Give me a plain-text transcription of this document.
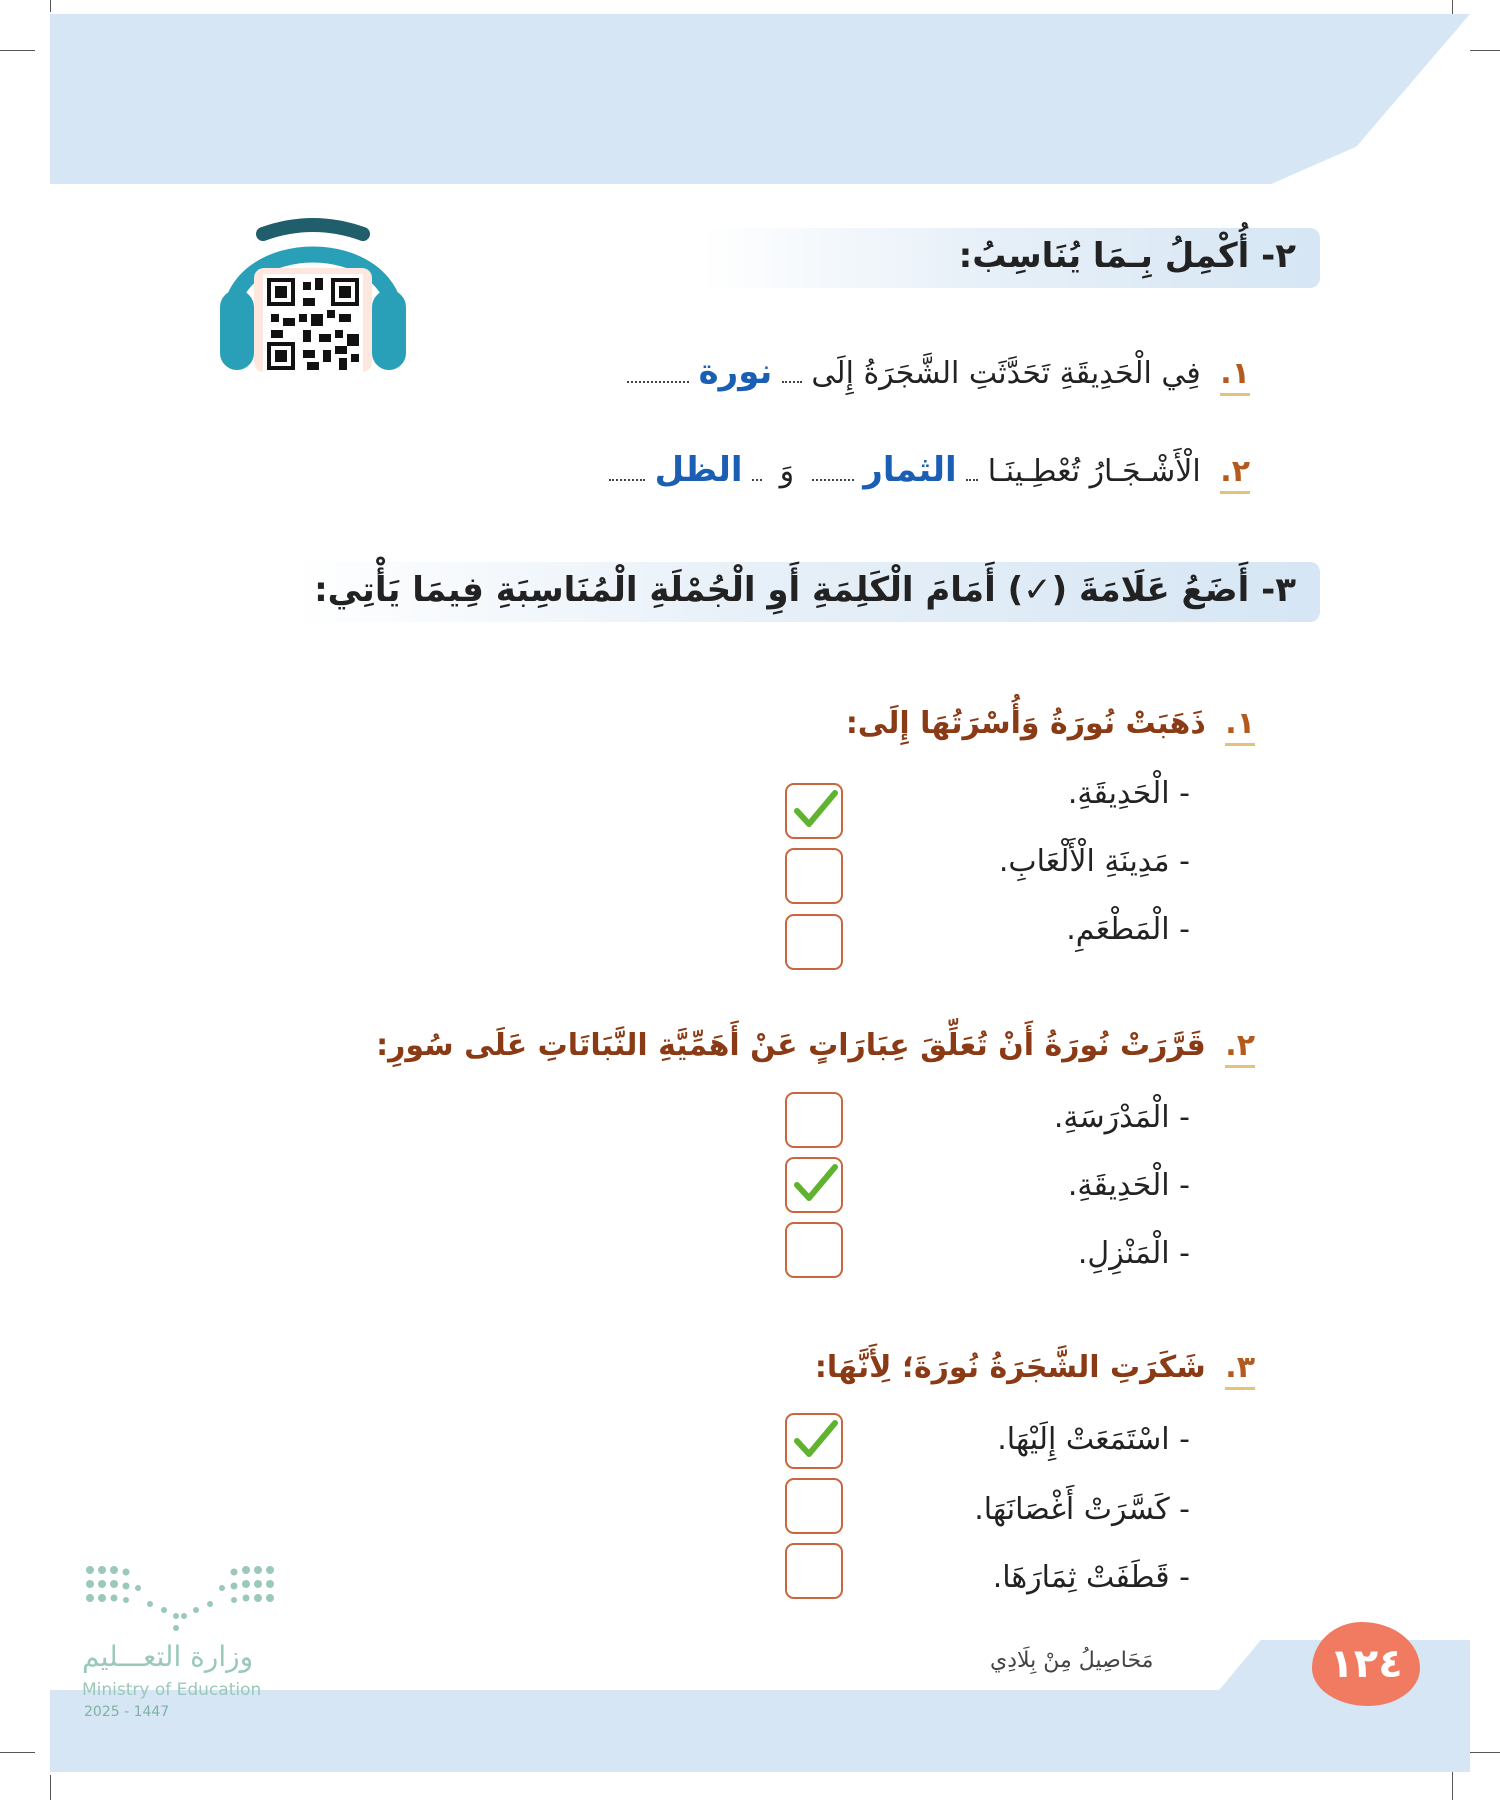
٢- أُكْمِلُ بِـمَا يُنَاسِبُ:
١. فِي الْحَدِيقَةِ تَحَدَّثَتِ الشَّجَرَةُ إِلَى  نورة
٢. الْأَشْـجَـارُ تُعْطِـينَـا  الثمار  وَ  الظل
٣- أَضَعُ عَلَامَةَ (✓) أَمَامَ الْكَلِمَةِ أَوِ الْجُمْلَةِ الْمُنَاسِبَةِ فِيمَا يَأْتِي:
١. ذَهَبَتْ نُورَةُ وَأُسْرَتُهَا إِلَى:
- الْحَدِيقَةِ.
- مَدِينَةِ الْأَلْعَابِ.
- الْمَطْعَمِ.
٢. قَرَّرَتْ نُورَةُ أَنْ تُعَلِّقَ عِبَارَاتٍ عَنْ أَهَمِّيَّةِ النَّبَاتَاتِ عَلَى سُورِ:
- الْمَدْرَسَةِ.
- الْحَدِيقَةِ.
- الْمَنْزِلِ.
٣. شَكَرَتِ الشَّجَرَةُ نُورَةَ؛ لِأَنَّهَا:
- اسْتَمَعَتْ إِلَيْهَا.
- كَسَّرَتْ أَغْصَانَهَا.
- قَطَفَتْ ثِمَارَهَا.
وزارة التعـــليم
Ministry of Education
2025 - 1447
مَحَاصِيلُ مِنْ بِلَادِي	١٢٤
